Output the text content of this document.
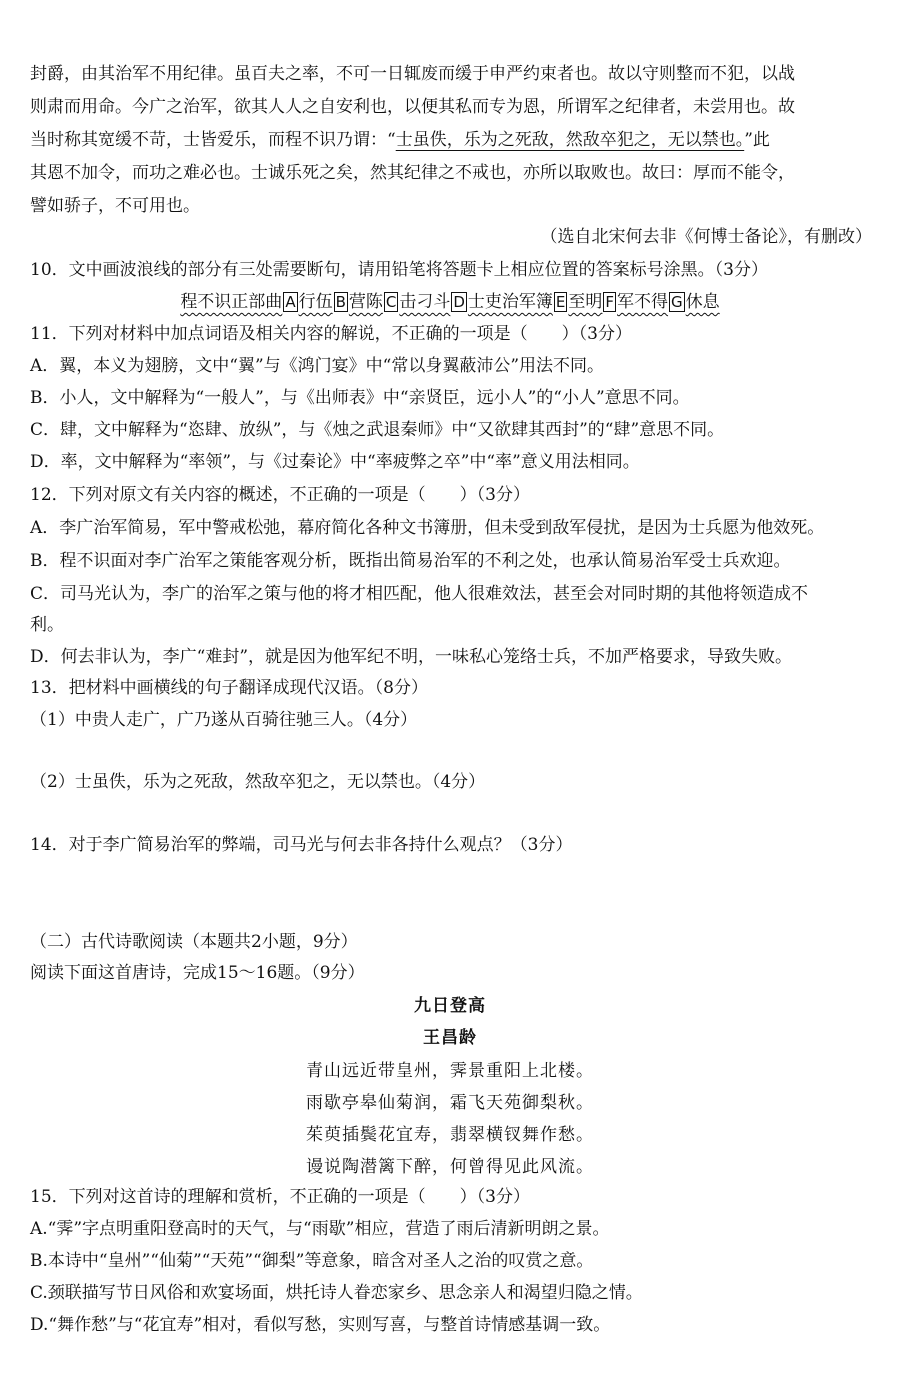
封爵，由其治军不用纪律。虽百夫之率，不可一日辄废而缓于申严约束者也。故以守则整而不犯，以战
则肃而用命。今广之治军，欲其人人之自安利也，以便其私而专为恩，所谓军之纪律者，未尝用也。故
当时称其宽缓不苛，士皆爱乐，而程不识乃谓：“士虽佚，乐为之死敌，然敌卒犯之，无以禁也。”此
其恩不加令，而功之难必也。士诚乐死之矣，然其纪律之不戒也，亦所以取败也。故曰：厚而不能令，
譬如骄子，不可用也。
（选自北宋何去非《何博士备论》，有删改）
10．文中画波浪线的部分有三处需要断句，请用铅笔将答题卡上相应位置的答案标号涂黑。（3分）
程不识正部曲 A 行伍 B 营陈 C 击刁斗 D 士吏治军簿 E 至明 F 军不得 G 休息
11．下列对材料中加点词语及相关内容的解说，不正确的一项是（　　）（3分）
A．翼，本义为翅膀，文中“翼”与《鸿门宴》中“常以身翼蔽沛公”用法不同。
B．小人，文中解释为“一般人”，与《出师表》中“亲贤臣，远小人”的“小人”意思不同。
C．肆，文中解释为“恣肆、放纵”，与《烛之武退秦师》中“又欲肆其西封”的“肆”意思不同。
D．率，文中解释为“率领”，与《过秦论》中“率疲弊之卒”中“率”意义用法相同。
12．下列对原文有关内容的概述，不正确的一项是（　　）（3分）
A．李广治军简易，军中警戒松弛，幕府简化各种文书簿册，但未受到敌军侵扰，是因为士兵愿为他效死。
B．程不识面对李广治军之策能客观分析，既指出简易治军的不利之处，也承认简易治军受士兵欢迎。
C．司马光认为，李广的治军之策与他的将才相匹配，他人很难效法，甚至会对同时期的其他将领造成不
利。
D．何去非认为，李广“难封”，就是因为他军纪不明，一味私心笼络士兵，不加严格要求，导致失败。
13．把材料中画横线的句子翻译成现代汉语。（8分）
（1）中贵人走广，广乃遂从百骑往驰三人。（4分）
（2）士虽佚，乐为之死敌，然敌卒犯之，无以禁也。（4分）
14．对于李广简易治军的弊端，司马光与何去非各持什么观点？（3分）
（二）古代诗歌阅读（本题共2小题，9分）
阅读下面这首唐诗，完成15～16题。（9分）
九日登高
王昌龄
青山远近带皇州，霁景重阳上北楼。
雨歇亭皋仙菊润，霜飞天苑御梨秋。
茱萸插鬓花宜寿，翡翠横钗舞作愁。
谩说陶潜篱下醉，何曾得见此风流。
15．下列对这首诗的理解和赏析，不正确的一项是（　　）（3分）
A.“霁”字点明重阳登高时的天气，与“雨歇”相应，营造了雨后清新明朗之景。
B.本诗中“皇州”“仙菊”“天苑”“御梨”等意象，暗含对圣人之治的叹赏之意。
C.颈联描写节日风俗和欢宴场面，烘托诗人眷恋家乡、思念亲人和渴望归隐之情。
D.“舞作愁”与“花宜寿”相对，看似写愁，实则写喜，与整首诗情感基调一致。
